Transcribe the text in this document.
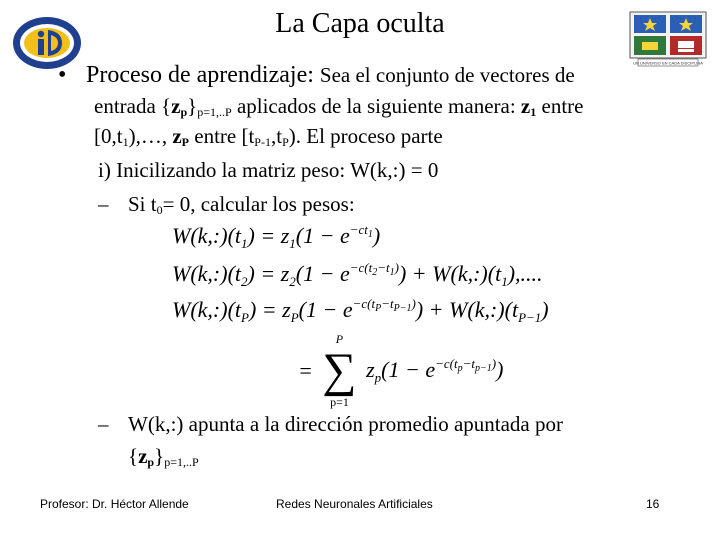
La Capa oculta
UN UNIVERSO EN CADA DISCIPLINA
• Proceso de aprendizaje: Sea el conjunto de vectores de
entrada $\{z_p\}_{p=1,..P}$ aplicados de la siguiente manera: $z_1$ entre
$[0,t_1),\dots$, $z_P$ entre $[t_{P-1},t_P)$. El proceso parte
i) Inicilizando la matriz peso: W(k,:) = 0
– Si $t_0= 0$, calcular los pesos:
$W(k,:)(t_1) = z_1(1 - e^{-ct_1})$
$W(k,:)(t_2) = z_2(1 - e^{-c(t_2-t_1)})$ + $W(k,:)(t_1)$,....
$W(k,:)(t_P) = z_P(1 - e^{-c(t_P-t_{P-1})})$ + $W(k,:)(t_{P-1})$
=
P
∑
p=1
$z_p(1 - e^{-c(t_p-t_{p-1})})$
– W(k,:) apunta a la dirección promedio apuntada por
$\{z_p\}_{p=1,..P}$
Profesor: Dr. Héctor Allende	Redes Neuronales Artificiales	16
